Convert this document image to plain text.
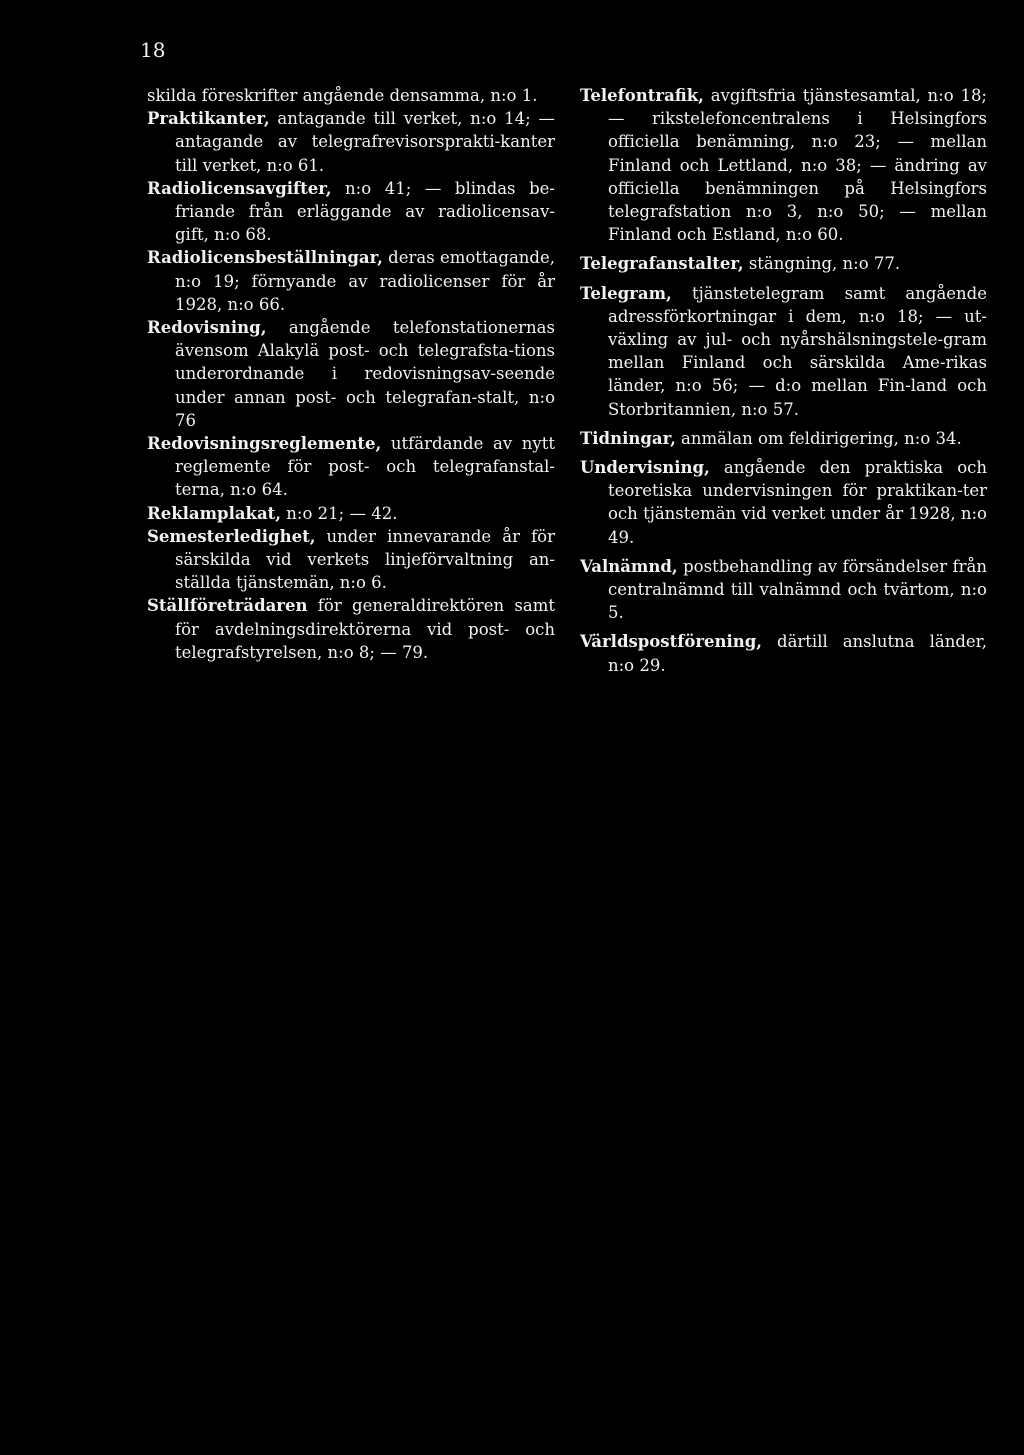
18

skilda föreskrifter angående densamma, n:o 1.

Praktikanter, antagande till verket, n:o 14; — antagande av telegrafrevisorsprakti-kanter till verket, n:o 61.

Radiolicensavgifter, n:o 41; — blindas be-friande från erläggande av radiolicensav-gift, n:o 68.

Radiolicensbeställningar, deras emottagande, n:o 19; förnyande av radiolicenser för år 1928, n:o 66.

Redovisning, angående telefonstationernas ävensom Alakylä post- och telegrafsta-tions underordnande i redovisningsav-seende under annan post- och telegrafan-stalt, n:o 76

Redovisningsreglemente, utfärdande av nytt reglemente för post- och telegrafanstal-terna, n:o 64.

Reklamplakat, n:o 21; — 42.

Semesterledighet, under innevarande år för särskilda vid verkets linjeförvaltning an-ställda tjänstemän, n:o 6.

Ställföreträdaren för generaldirektören samt för avdelningsdirektörerna vid post- och telegrafstyrelsen, n:o 8; — 79.

Telefontrafik, avgiftsfria tjänstesamtal, n:o 18; — rikstelefoncentralens i Helsingfors officiella benämning, n:o 23; — mellan Finland och Lettland, n:o 38; — ändring av officiella benämningen på Helsingfors telegrafstation n:o 3, n:o 50; — mellan Finland och Estland, n:o 60.

Telegrafanstalter, stängning, n:o 77.

Telegram, tjänstetelegram samt angående adressförkortningar i dem, n:o 18; — ut-växling av jul- och nyårshälsningstele-gram mellan Finland och särskilda Ame-rikas länder, n:o 56; — d:o mellan Fin-land och Storbritannien, n:o 57.

Tidningar, anmälan om feldirigering, n:o 34.

Undervisning, angående den praktiska och teoretiska undervisningen för praktikan-ter och tjänstemän vid verket under år 1928, n:o 49.

Valnämnd, postbehandling av försändelser från centralnämnd till valnämnd och tvärtom, n:o 5.

Världspostförening, därtill anslutna länder, n:o 29.
